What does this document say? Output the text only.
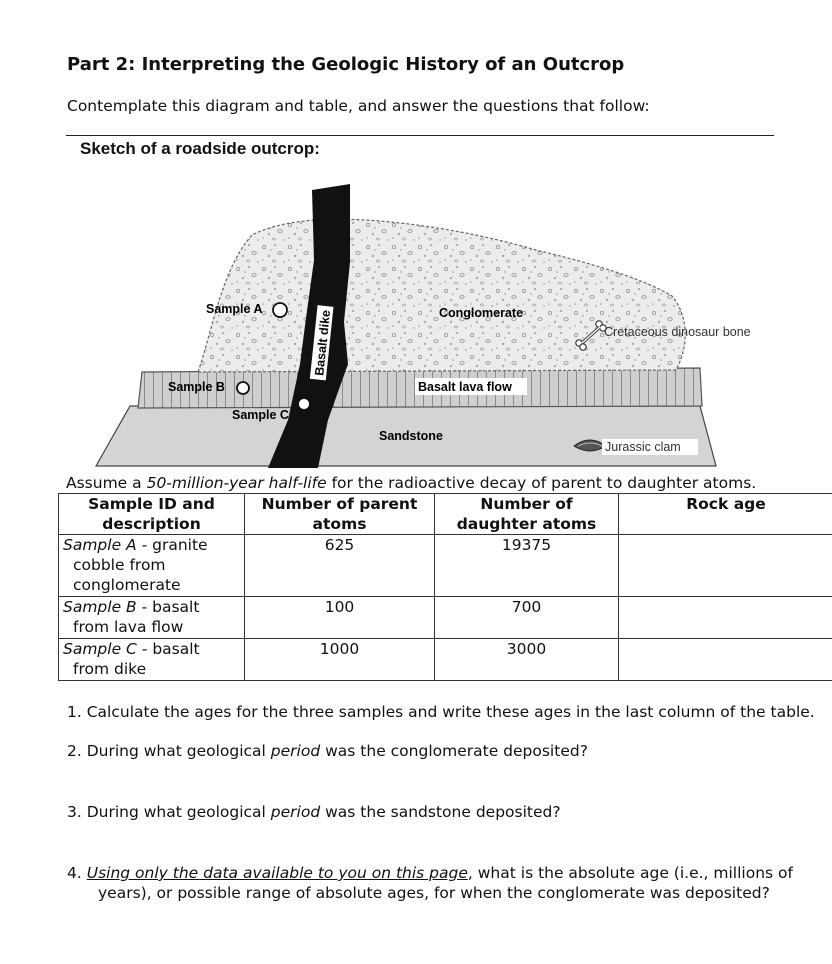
Part 2: Interpreting the Geologic History of an Outcrop
Contemplate this diagram and table, and answer the questions that follow:
Sketch of a roadside outcrop:
Sample A
Sample B
Sample C
Basalt dike	Conglomerate
Cretaceous dinosaur bone
Basalt lava flow
Sandstone
Jurassic clam
Assume a 50-million-year half-life for the radioactive decay of parent to daughter atoms.
Sample ID and description	Number of parent atoms	Number of daughter atoms	Rock age
Sample A - granite
cobble from
conglomerate	625	19375	
Sample B - basalt
from lava flow	100	700	
Sample C - basalt
from dike	1000	3000	
1. Calculate the ages for the three samples and write these ages in the last column of the table.
2. During what geological period was the conglomerate deposited?
3. During what geological period was the sandstone deposited?
4. Using only the data available to you on this page, what is the absolute age (i.e., millions of
years), or possible range of absolute ages, for when the conglomerate was deposited?
